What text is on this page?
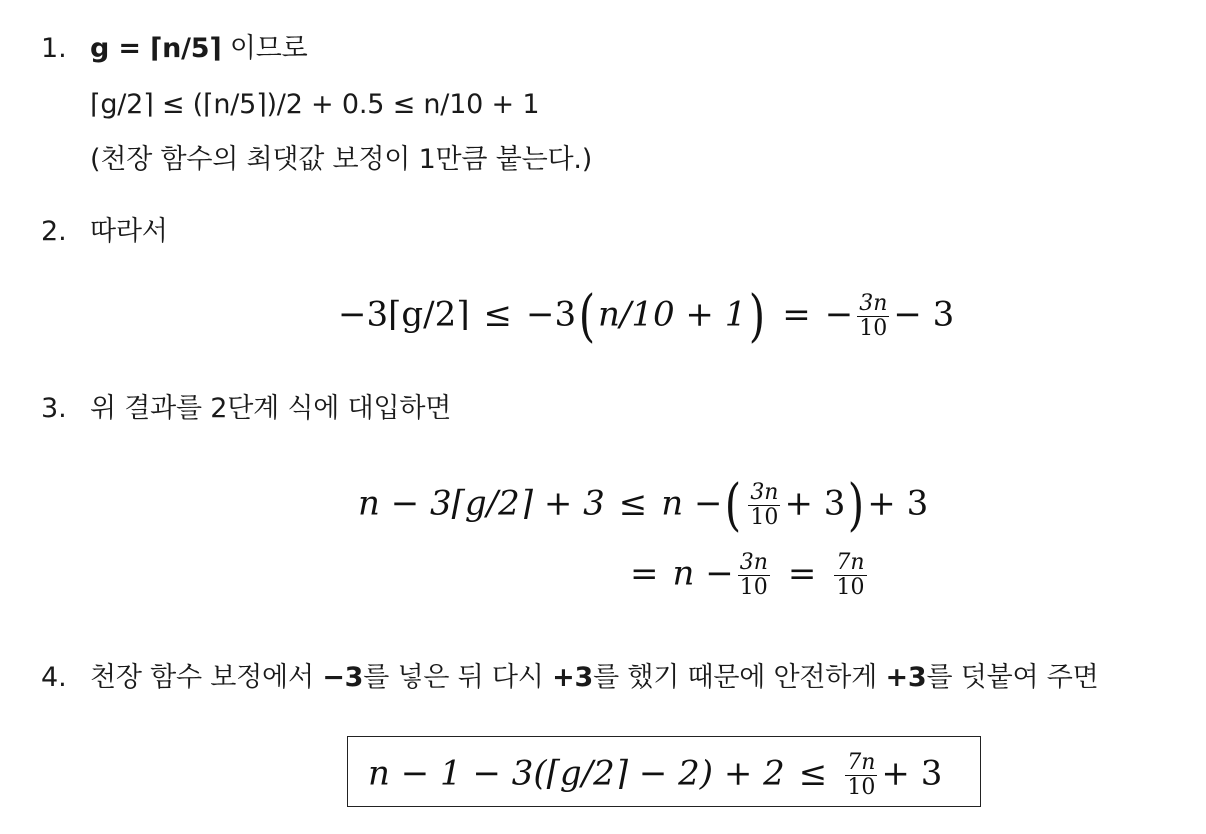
1. g = ⌈n/5⌉ 이므로
⌈g/2⌉ ≤ (⌈n/5⌉)/2 + 0.5 ≤ n/10 + 1
(천장 함수의 최댓값 보정이 1만큼 붙는다.)
2. 따라서
−3⌈g/2⌉ ≤ −3(n/10 + 1) = − $\frac{3n}{10} - 3$
3. 위 결과를 2단계 식에 대입하면
n − 3⌈g/2⌉ + 3 ≤ n −( $\frac{3n}{10} + 3)+ 3$
= $n - \frac{3n}{10} = \frac{7n}{10}$
4. 천장 함수 보정에서 −3를 넣은 뒤 다시 +3를 했기 때문에 안전하게 +3를 덧붙여 주면
n − 1 − 3(⌈g/2⌉ − $2) + 2 \le \frac{7n}{10} + 3$
